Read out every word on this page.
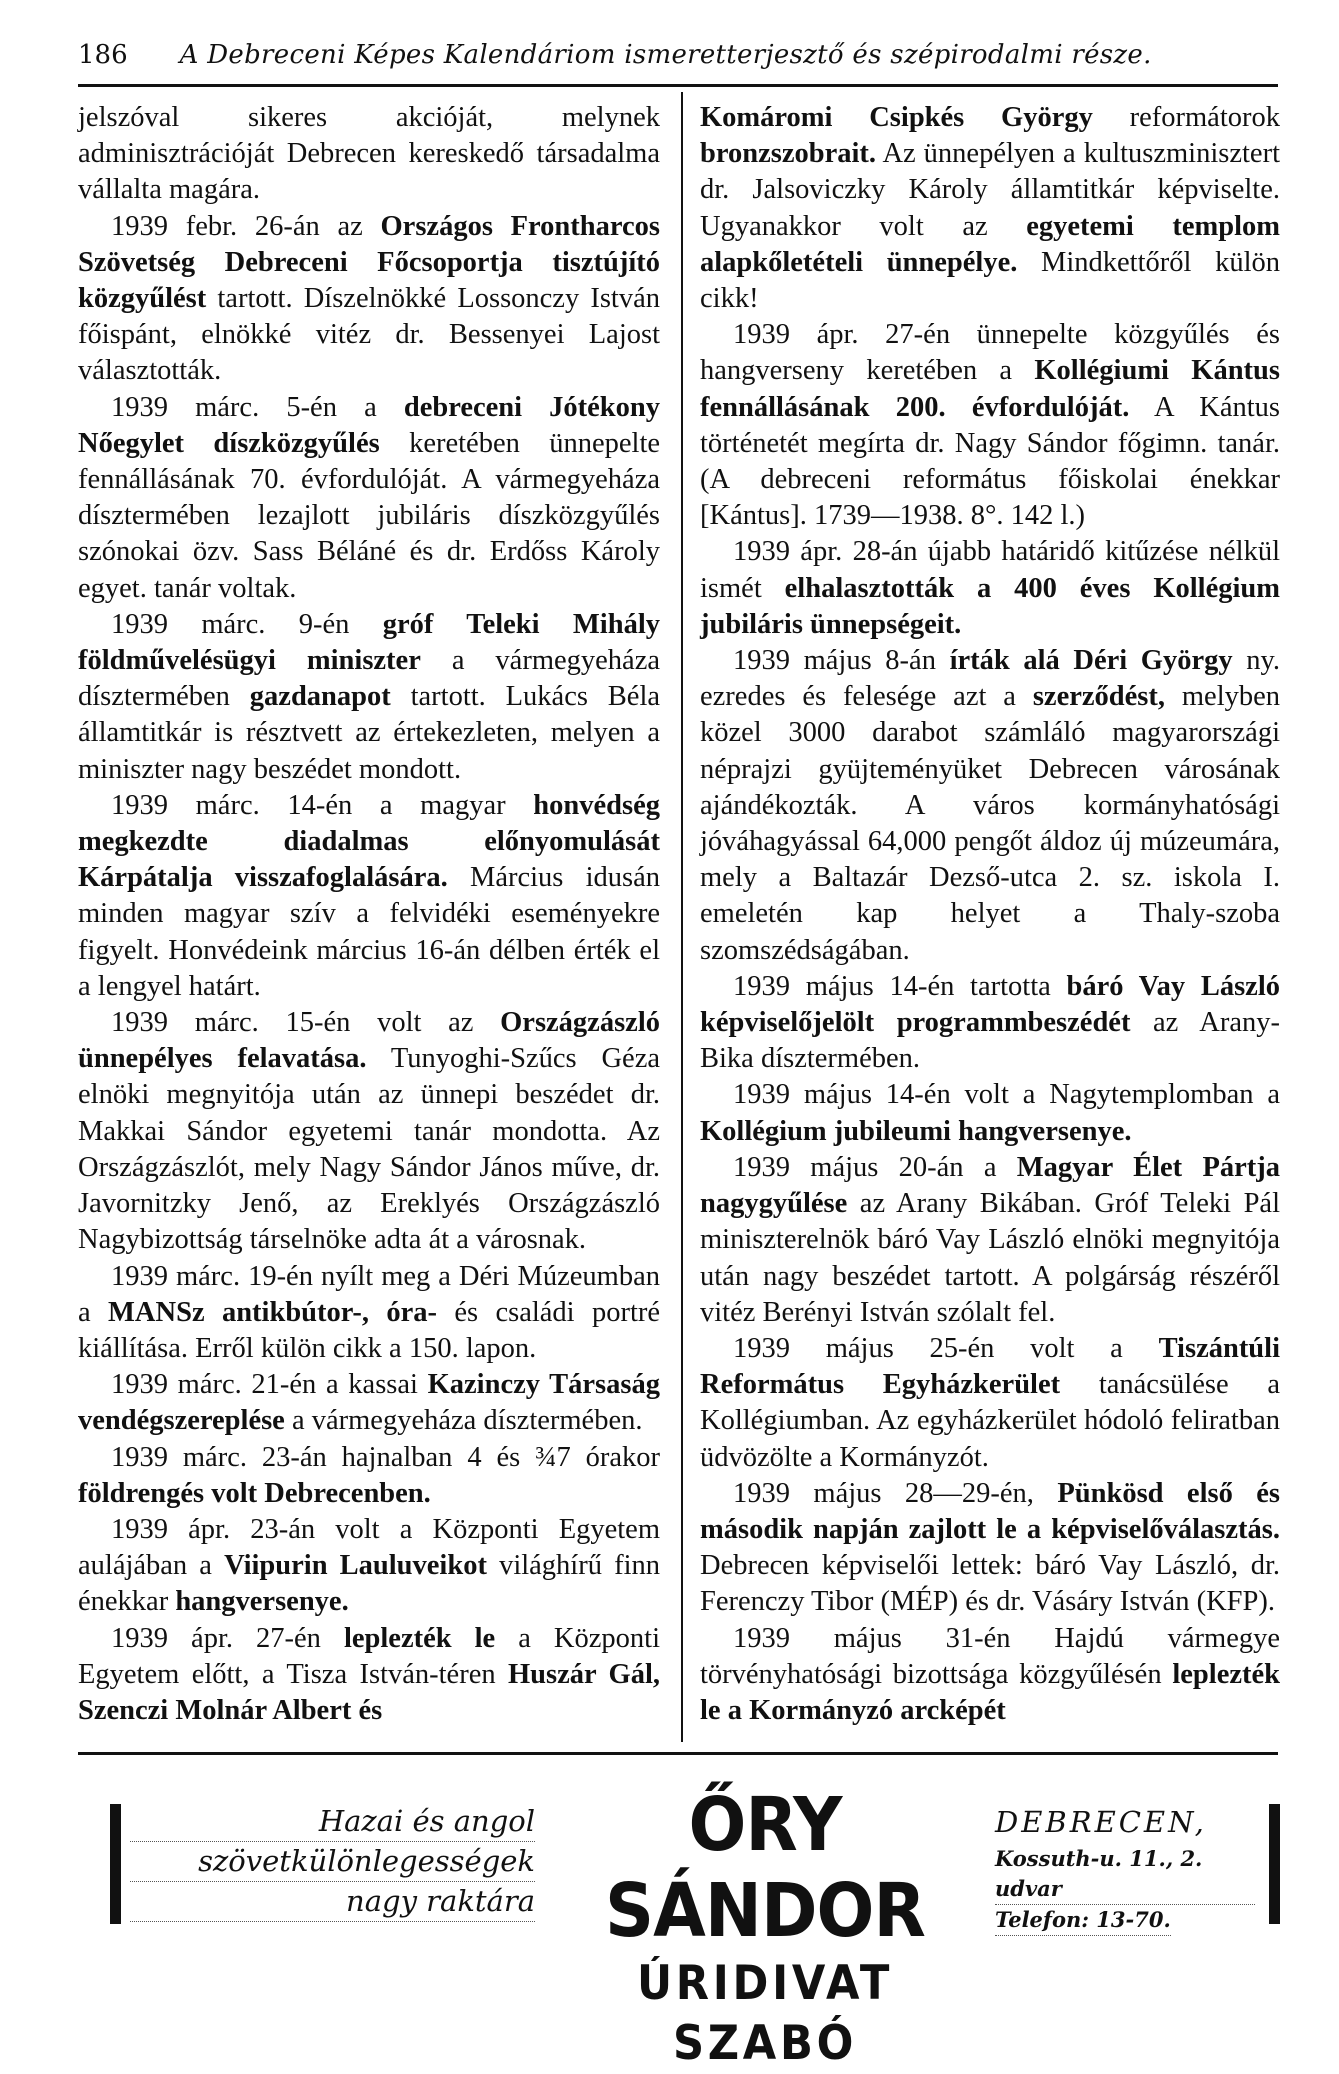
186 A Debreceni Képes Kalendáriom ismeretterjesztő és szépirodalmi része.

jelszóval sikeres akcióját, melynek adminisztrációját Debrecen kereskedő társadalma vállalta magára.

1939 febr. 26-án az Országos Frontharcos Szövetség Debreceni Főcsoportja tisztújító közgyűlést tartott. Díszelnökké Lossonczy István főispánt, elnökké vitéz dr. Bessenyei Lajost választották.

1939 márc. 5-én a debreceni Jótékony Nőegylet díszközgyűlés keretében ünnepelte fennállásának 70. évfordulóját. A vármegyeháza dísztermében lezajlott jubiláris díszközgyűlés szónokai özv. Sass Béláné és dr. Erdőss Károly egyet. tanár voltak.

1939 márc. 9-én gróf Teleki Mihály földművelésügyi miniszter a vármegyeháza dísztermében gazdanapot tartott. Lukács Béla államtitkár is résztvett az értekezleten, melyen a miniszter nagy beszédet mondott.

1939 márc. 14-én a magyar honvédség megkezdte diadalmas előnyomulását Kárpátalja visszafoglalására. Március idusán minden magyar szív a felvidéki eseményekre figyelt. Honvédeink március 16-án délben érték el a lengyel határt.

1939 márc. 15-én volt az Országzászló ünnepélyes felavatása. Tunyoghi-Szűcs Géza elnöki megnyitója után az ünnepi beszédet dr. Makkai Sándor egyetemi tanár mondotta. Az Országzászlót, mely Nagy Sándor János műve, dr. Javornitzky Jenő, az Ereklyés Országzászló Nagybizottság társelnöke adta át a városnak.

1939 márc. 19-én nyílt meg a Déri Múzeumban a MANSz antikbútor-, óra- és családi portré kiállítása. Erről külön cikk a 150. lapon.

1939 márc. 21-én a kassai Kazinczy Társaság vendégszereplése a vármegyeháza dísztermében.

1939 márc. 23-án hajnalban 4 és ¾7 órakor földrengés volt Debrecenben.

1939 ápr. 23-án volt a Központi Egyetem aulájában a Viipurin Lauluveikot világhírű finn énekkar hangversenye.

1939 ápr. 27-én leplezték le a Központi Egyetem előtt, a Tisza István-téren Huszár Gál, Szenczi Molnár Albert és

Komáromi Csipkés György reformátorok bronzszobrait. Az ünnepélyen a kultuszminisztert dr. Jalsoviczky Károly államtitkár képviselte. Ugyanakkor volt az egyetemi templom alapkőletételi ünnepélye. Mindkettőről külön cikk!

1939 ápr. 27-én ünnepelte közgyűlés és hangverseny keretében a Kollégiumi Kántus fennállásának 200. évfordulóját. A Kántus történetét megírta dr. Nagy Sándor főgimn. tanár. (A debreceni református főiskolai énekkar [Kántus]. 1739—1938. 8°. 142 l.)

1939 ápr. 28-án újabb határidő kitűzése nélkül ismét elhalasztották a 400 éves Kollégium jubiláris ünnepségeit.

1939 május 8-án írták alá Déri György ny. ezredes és felesége azt a szerződést, melyben közel 3000 darabot számláló magyarországi néprajzi gyüjteményüket Debrecen városának ajándékozták. A város kormányhatósági jóváhagyással 64,000 pengőt áldoz új múzeumára, mely a Baltazár Dezső-utca 2. sz. iskola I. emeletén kap helyet a Thaly-szoba szomszédságában.

1939 május 14-én tartotta báró Vay László képviselőjelölt programmbeszédét az Arany-Bika dísztermében.

1939 május 14-én volt a Nagytemplomban a Kollégium jubileumi hangversenye.

1939 május 20-án a Magyar Élet Pártja nagygyűlése az Arany Bikában. Gróf Teleki Pál miniszterelnök báró Vay László elnöki megnyitója után nagy beszédet tartott. A polgárság részéről vitéz Berényi István szólalt fel.

1939 május 25-én volt a Tiszántúli Református Egyházkerület tanácsülése a Kollégiumban. Az egyházkerület hódoló feliratban üdvözölte a Kormányzót.

1939 május 28—29-én, Pünkösd első és második napján zajlott le a képviselőválasztás. Debrecen képviselői lettek: báró Vay László, dr. Ferenczy Tibor (MÉP) és dr. Vásáry István (KFP).

1939 május 31-én Hajdú vármegye törvényhatósági bizottsága közgyűlésén leplezték le a Kormányzó arcképét

Hazai és angol
szövetkülönlegességek
nagy raktára
ŐRY SÁNDOR
ÚRIDIVAT SZABÓ
DEBRECEN,
Kossuth-u. 11., 2. udvar
Telefon: 13-70.
